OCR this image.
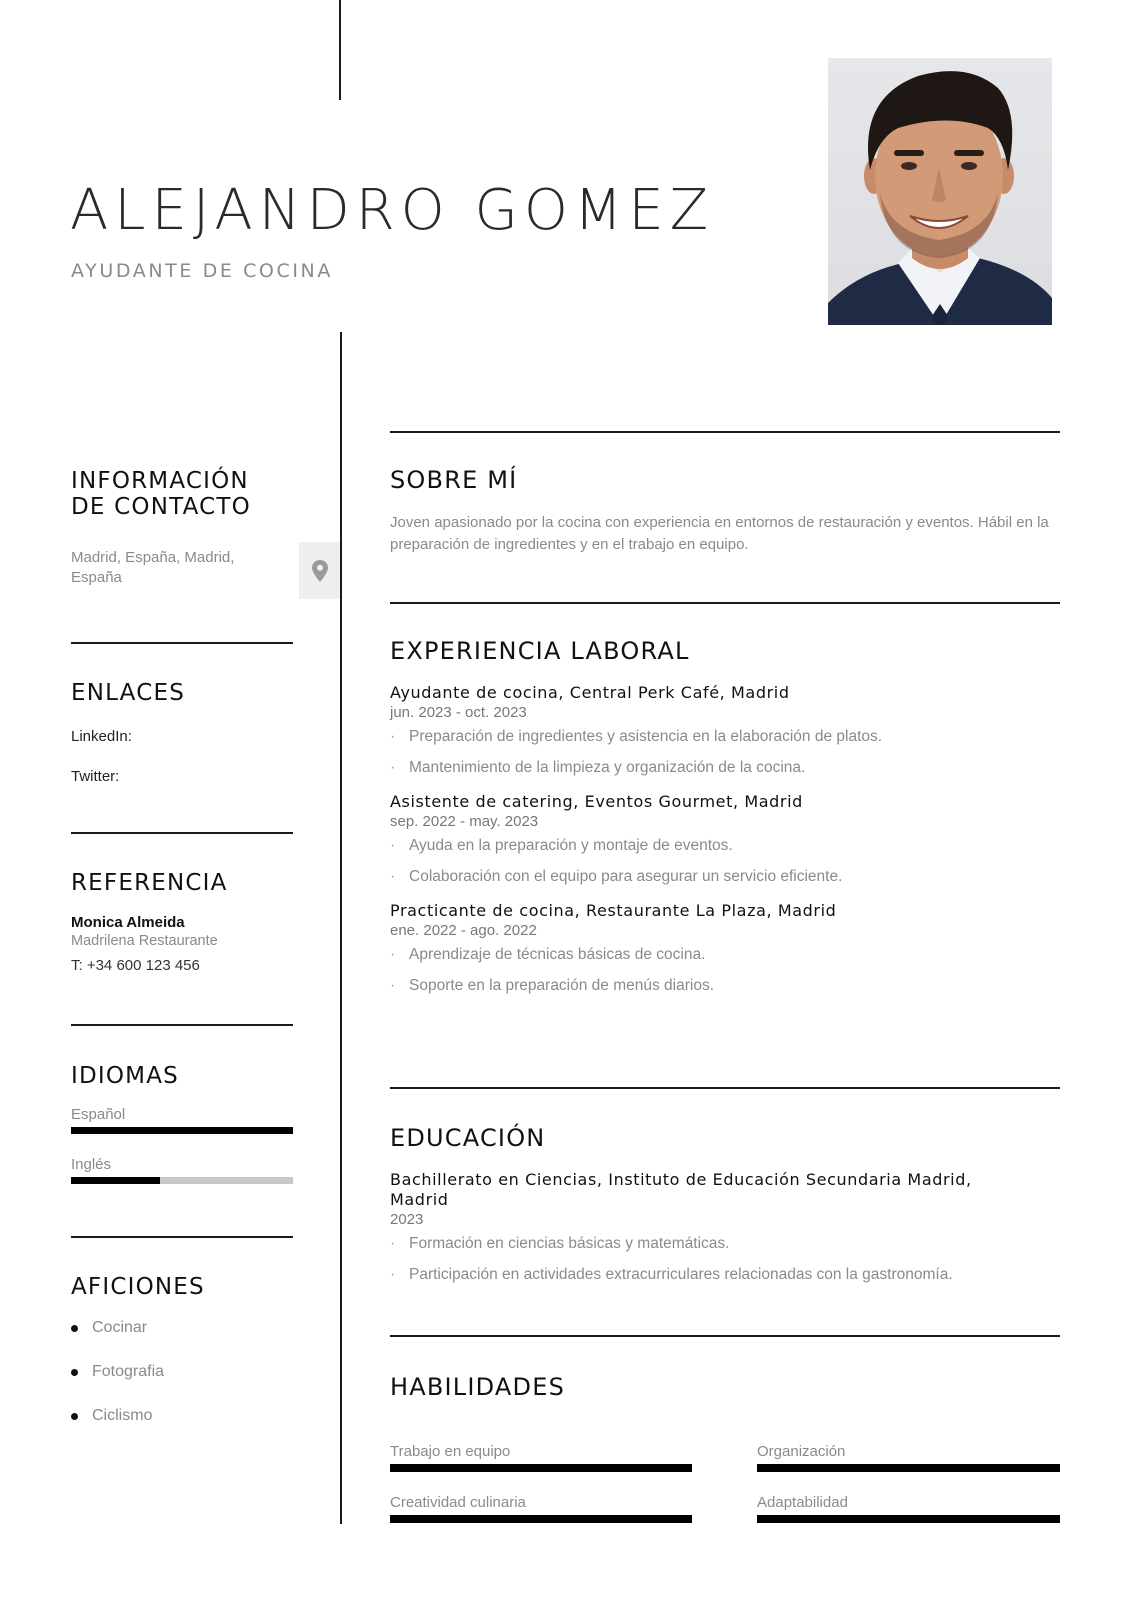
ALEJANDRO GOMEZ
AYUDANTE DE COCINA
INFORMACIÓN
DE CONTACTO
Madrid, España, Madrid, España
ENLACES
LinkedIn:
Twitter:
REFERENCIA
Monica Almeida
Madrilena Restaurante
T: +34 600 123 456
IDIOMAS
Español
Inglés
AFICIONES
Cocinar
Fotografia
Ciclismo
SOBRE MÍ
Joven apasionado por la cocina con experiencia en entornos de restauración y eventos. Hábil en la preparación de ingredientes y en el trabajo en equipo.
EXPERIENCIA LABORAL
Ayudante de cocina, Central Perk Café, Madrid
jun. 2023 - oct. 2023
· Preparación de ingredientes y asistencia en la elaboración de platos.
· Mantenimiento de la limpieza y organización de la cocina.
Asistente de catering, Eventos Gourmet, Madrid
sep. 2022 - may. 2023
· Ayuda en la preparación y montaje de eventos.
· Colaboración con el equipo para asegurar un servicio eficiente.
Practicante de cocina, Restaurante La Plaza, Madrid
ene. 2022 - ago. 2022
· Aprendizaje de técnicas básicas de cocina.
· Soporte en la preparación de menús diarios.
EDUCACIÓN
Bachillerato en Ciencias, Instituto de Educación Secundaria Madrid, Madrid
2023
· Formación en ciencias básicas y matemáticas.
· Participación en actividades extracurriculares relacionadas con la gastronomía.
HABILIDADES
Trabajo en equipo	Organización
Creatividad culinaria	Adaptabilidad
